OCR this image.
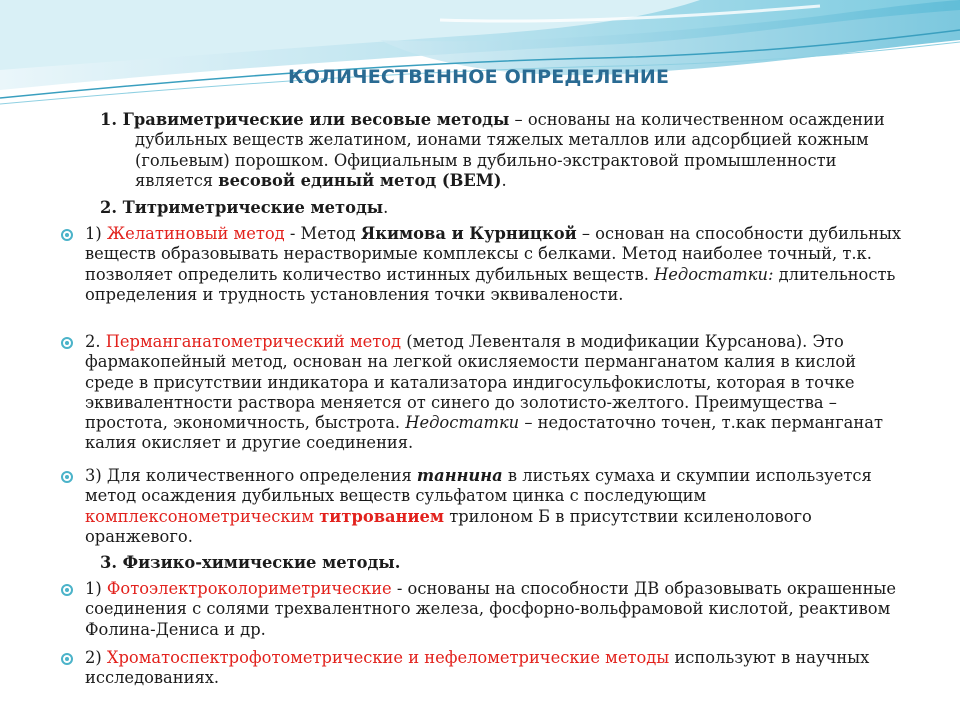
КОЛИЧЕСТВЕННОЕ ОПРЕДЕЛЕНИЕ

1. Гравиметрические или весовые методы – основаны на количественном осаждении дубильных веществ желатином, ионами тяжелых металлов или адсорбцией кожным (гольевым) порошком. Официальным в дубильно-экстрактовой промышленности является весовой единый метод (ВЕМ).

2. Титриметрические методы.

1) Желатиновый метод - Метод Якимова и Курницкой – основан на способности дубильных веществ образовывать нерастворимые комплексы с белками. Метод наиболее точный, т.к. позволяет определить количество истинных дубильных веществ. Недостатки: длительность определения и трудность установления точки эквивалености.

2. Перманганатометрический метод (метод Левенталя в модификации Курсанова). Это фармакопейный метод, основан на легкой окисляемости перманганатом калия в кислой среде в присутствии индикатора и катализатора индигосульфокислоты, которая в точке эквивалентности раствора меняется от синего до золотисто-желтого. Преимущества – простота, экономичность, быстрота. Недостатки – недостаточно точен, т.как перманганат калия окисляет и другие соединения.

3) Для количественного определения таннина в листьях сумаха и скумпии используется метод осаждения дубильных веществ сульфатом цинка с последующим комплексонометрическим титрованием трилоном Б в присутствии ксиленолового оранжевого.

3. Физико-химические методы.

1) Фотоэлектроколориметрические - основаны на способности ДВ образовывать окрашенные соединения с солями трехвалентного железа, фосфорно-вольфрамовой кислотой, реактивом Фолина-Дениса и др.

2) Хроматоспектрофотометрические и нефелометрические методы используют в научных исследованиях.
